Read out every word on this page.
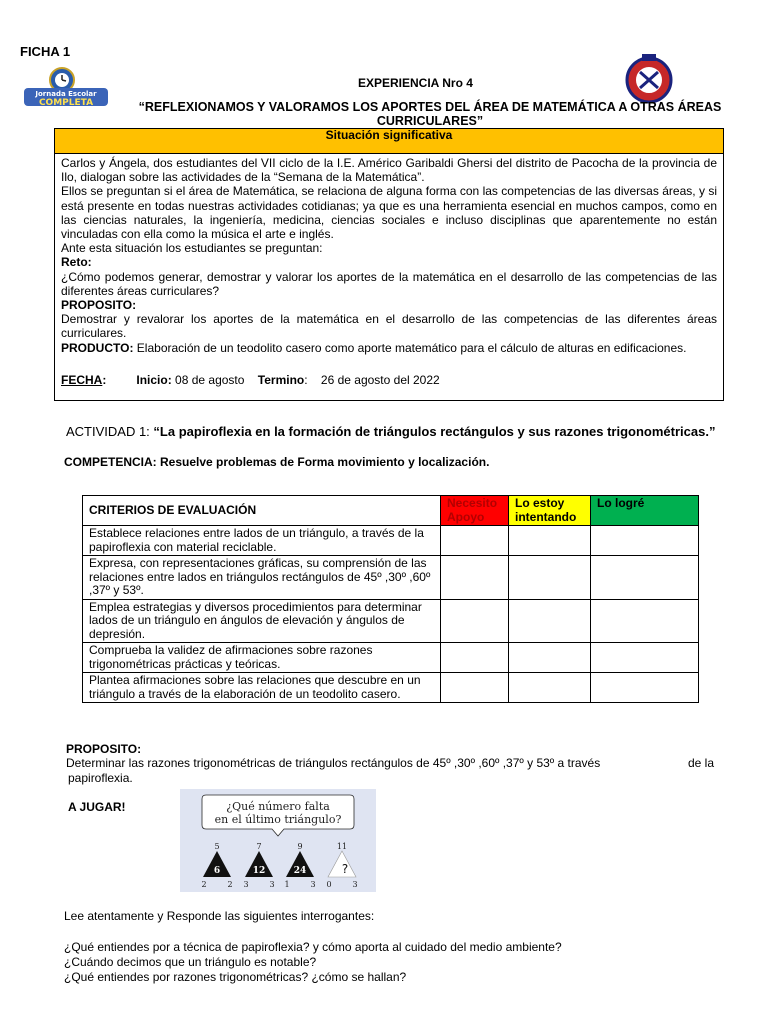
FICHA 1
Jornada Escolar
COMPLETA
EXPERIENCIA Nro 4
“REFLEXIONAMOS Y VALORAMOS LOS APORTES DEL ÁREA DE MATEMÁTICA A OTRAS ÁREAS CURRICULARES”
Situación significativa

Carlos y Ángela, dos estudiantes del VII ciclo de la I.E. Américo Garibaldi Ghersi del distrito de Pacocha de la provincia de Ilo, dialogan sobre las actividades de la “Semana de la Matemática”.

Ellos se preguntan si el área de Matemática, se relaciona de alguna forma con las competencias de las diversas áreas, y si está presente en todas nuestras actividades cotidianas; ya que es una herramienta esencial en muchos campos, como en las ciencias naturales, la ingeniería, medicina, ciencias sociales e incluso disciplinas que aparentemente no están vinculadas con ella como la música el arte e inglés.

Ante esta situación los estudiantes se preguntan:

Reto:

¿Cómo podemos generar, demostrar y valorar los aportes de la matemática en el desarrollo de las competencias de las diferentes áreas curriculares?

PROPOSITO:

Demostrar y revalorar los aportes de la matemática en el desarrollo de las competencias de las diferentes áreas curriculares.

PRODUCTO: Elaboración de un teodolito casero como aporte matemático para el cálculo de alturas en edificaciones.

FECHA:	Inicio: 08 de agosto Termino:    26 de agosto del 2022

ACTIVIDAD 1: “La papiroflexia en la formación de triángulos rectángulos y sus razones trigonométricas.”
COMPETENCIA: Resuelve problemas de Forma movimiento y localización.
CRITERIOS DE EVALUACIÓN	Necesito Apoyo	Lo estoy intentando	Lo logré
Establece relaciones entre lados de un triángulo, a través de la papiroflexia con material reciclable.			
Expresa, con representaciones gráficas, su comprensión de las relaciones entre lados en triángulos rectángulos de 45º ,30º ,60º ,37º y 53º.			
Emplea estrategias y diversos procedimientos para determinar lados de un triángulo en ángulos de elevación y ángulos de depresión.			
Comprueba la validez de afirmaciones sobre razones trigonométricas prácticas y teóricas.			
Plantea afirmaciones sobre las relaciones que descubre en un triángulo a través de la elaboración de un teodolito casero.			
PROPOSITO:
Determinar las razones trigonométricas de triángulos rectángulos de 45º ,30º ,60º ,37º y 53º a través	de la
papiroflexia.
A JUGAR!	¿Qué número falta
en el último triángulo?
5
6
2	2
7
12
3	3
9
24
1	3
11
?
0	3
Lee atentamente y Responde las siguientes interrogantes:
¿Qué entiendes por a técnica de papiroflexia? y cómo aporta al cuidado del medio ambiente?
¿Cuándo decimos que un triángulo es notable?
¿Qué entiendes por razones trigonométricas? ¿cómo se hallan?
